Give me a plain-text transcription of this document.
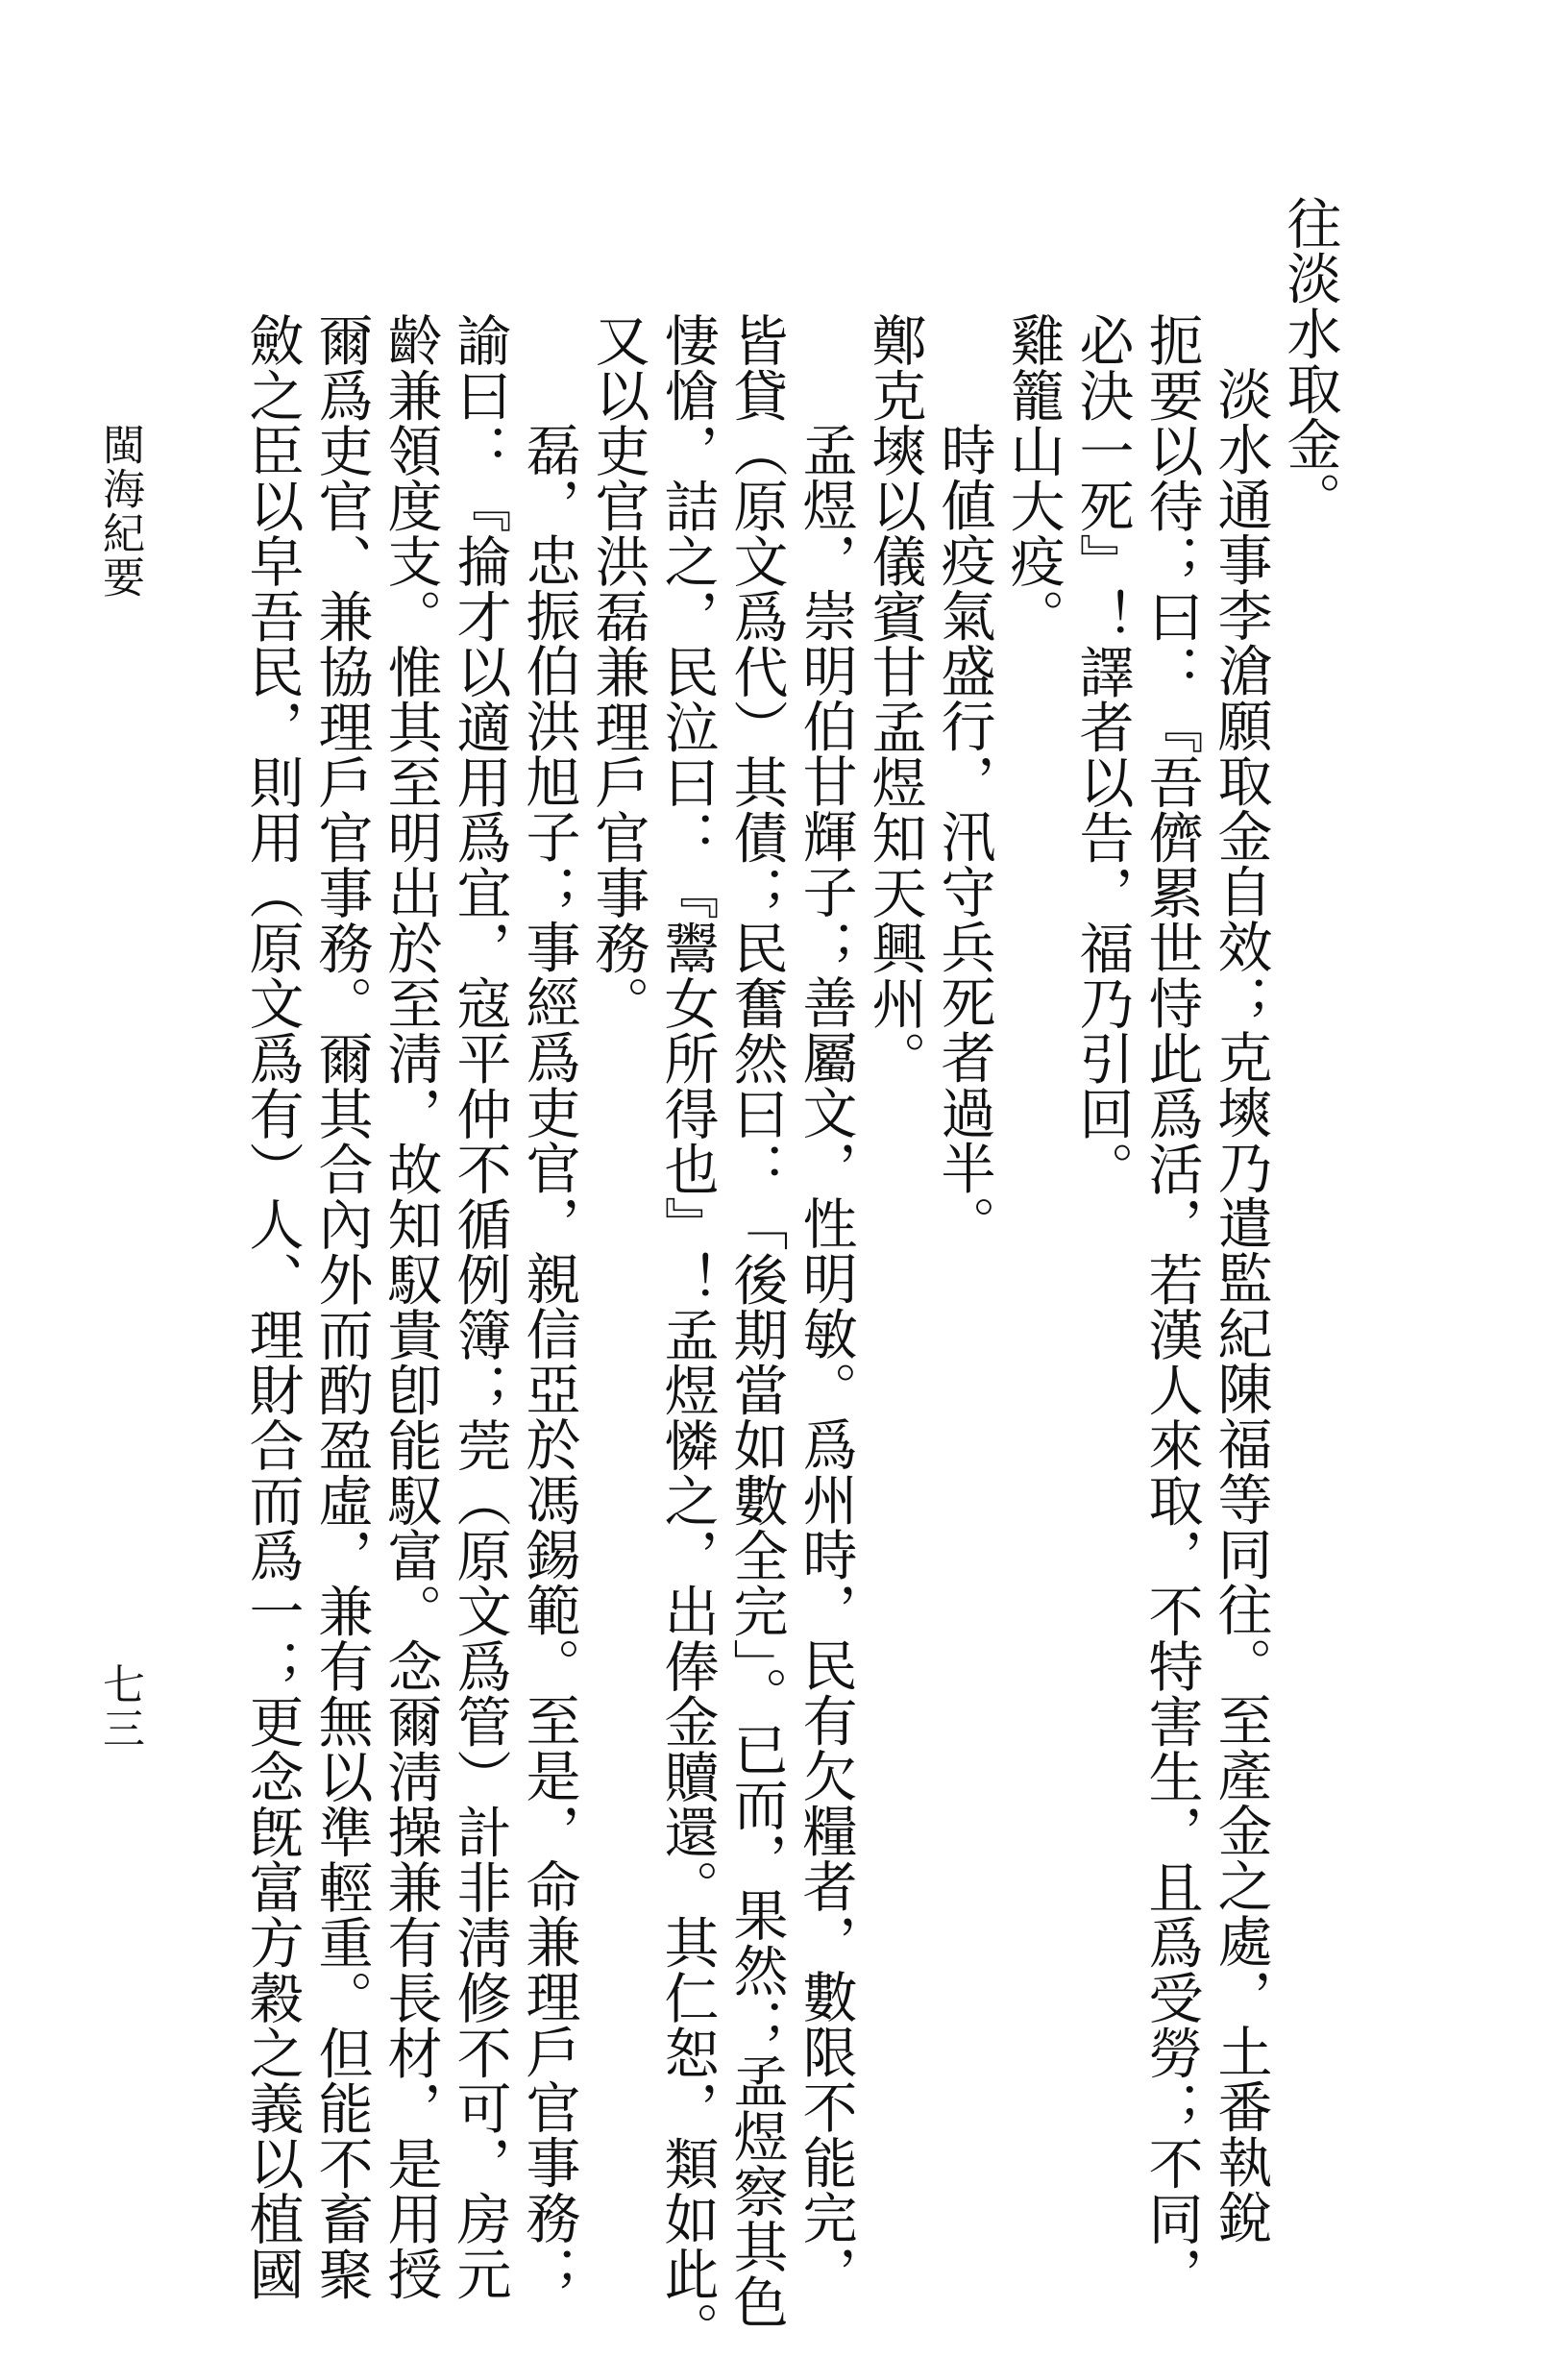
往淡水取金。
淡水通事李滄願取金自效；克塽乃遣監紀陳福等同往。至產金之處，土番執銳
扼要以待；曰：『吾儕累世恃此爲活，若漢人來取，不特害生，且爲受勞；不同，
必決一死』！譯者以告，福乃引回。
雞籠山大疫。
時値疫氣盛行，汛守兵死者過半。
鄭克塽以儀賓甘孟煜知天興州。
孟煜，崇明伯甘輝子；善屬文，性明敏。爲州時，民有欠糧者，數限不能完，
皆貸（原文爲代）其債；民奮然曰：「後期當如數全完」。已而，果然；孟煜察其色
悽愴，詰之，民泣曰：『鬻女所得也』！孟煜憐之，出俸金贖還。其仁恕，類如此。
又以吏官洪磊兼理戶官事務。
磊，忠振伯洪旭子；事經爲吏官，親信亞於馮錫範。至是，命兼理戶官事務；
諭曰：『掄才以適用爲宜，寇平仲不循例簿；莞（原文爲管）計非淸修不可，房元
齡兼領度支。惟其至明出於至淸，故知馭貴卽能馭富。念爾淸操兼有長材，是用授
爾爲吏官、兼協理戶官事務。爾其合內外而酌盈虛，兼有無以準輕重。但能不畜聚
斂之臣以皁吾民，則用（原文爲有）人、理財合而爲一；更念旣富方穀之義以植國
閩海紀要
七三
